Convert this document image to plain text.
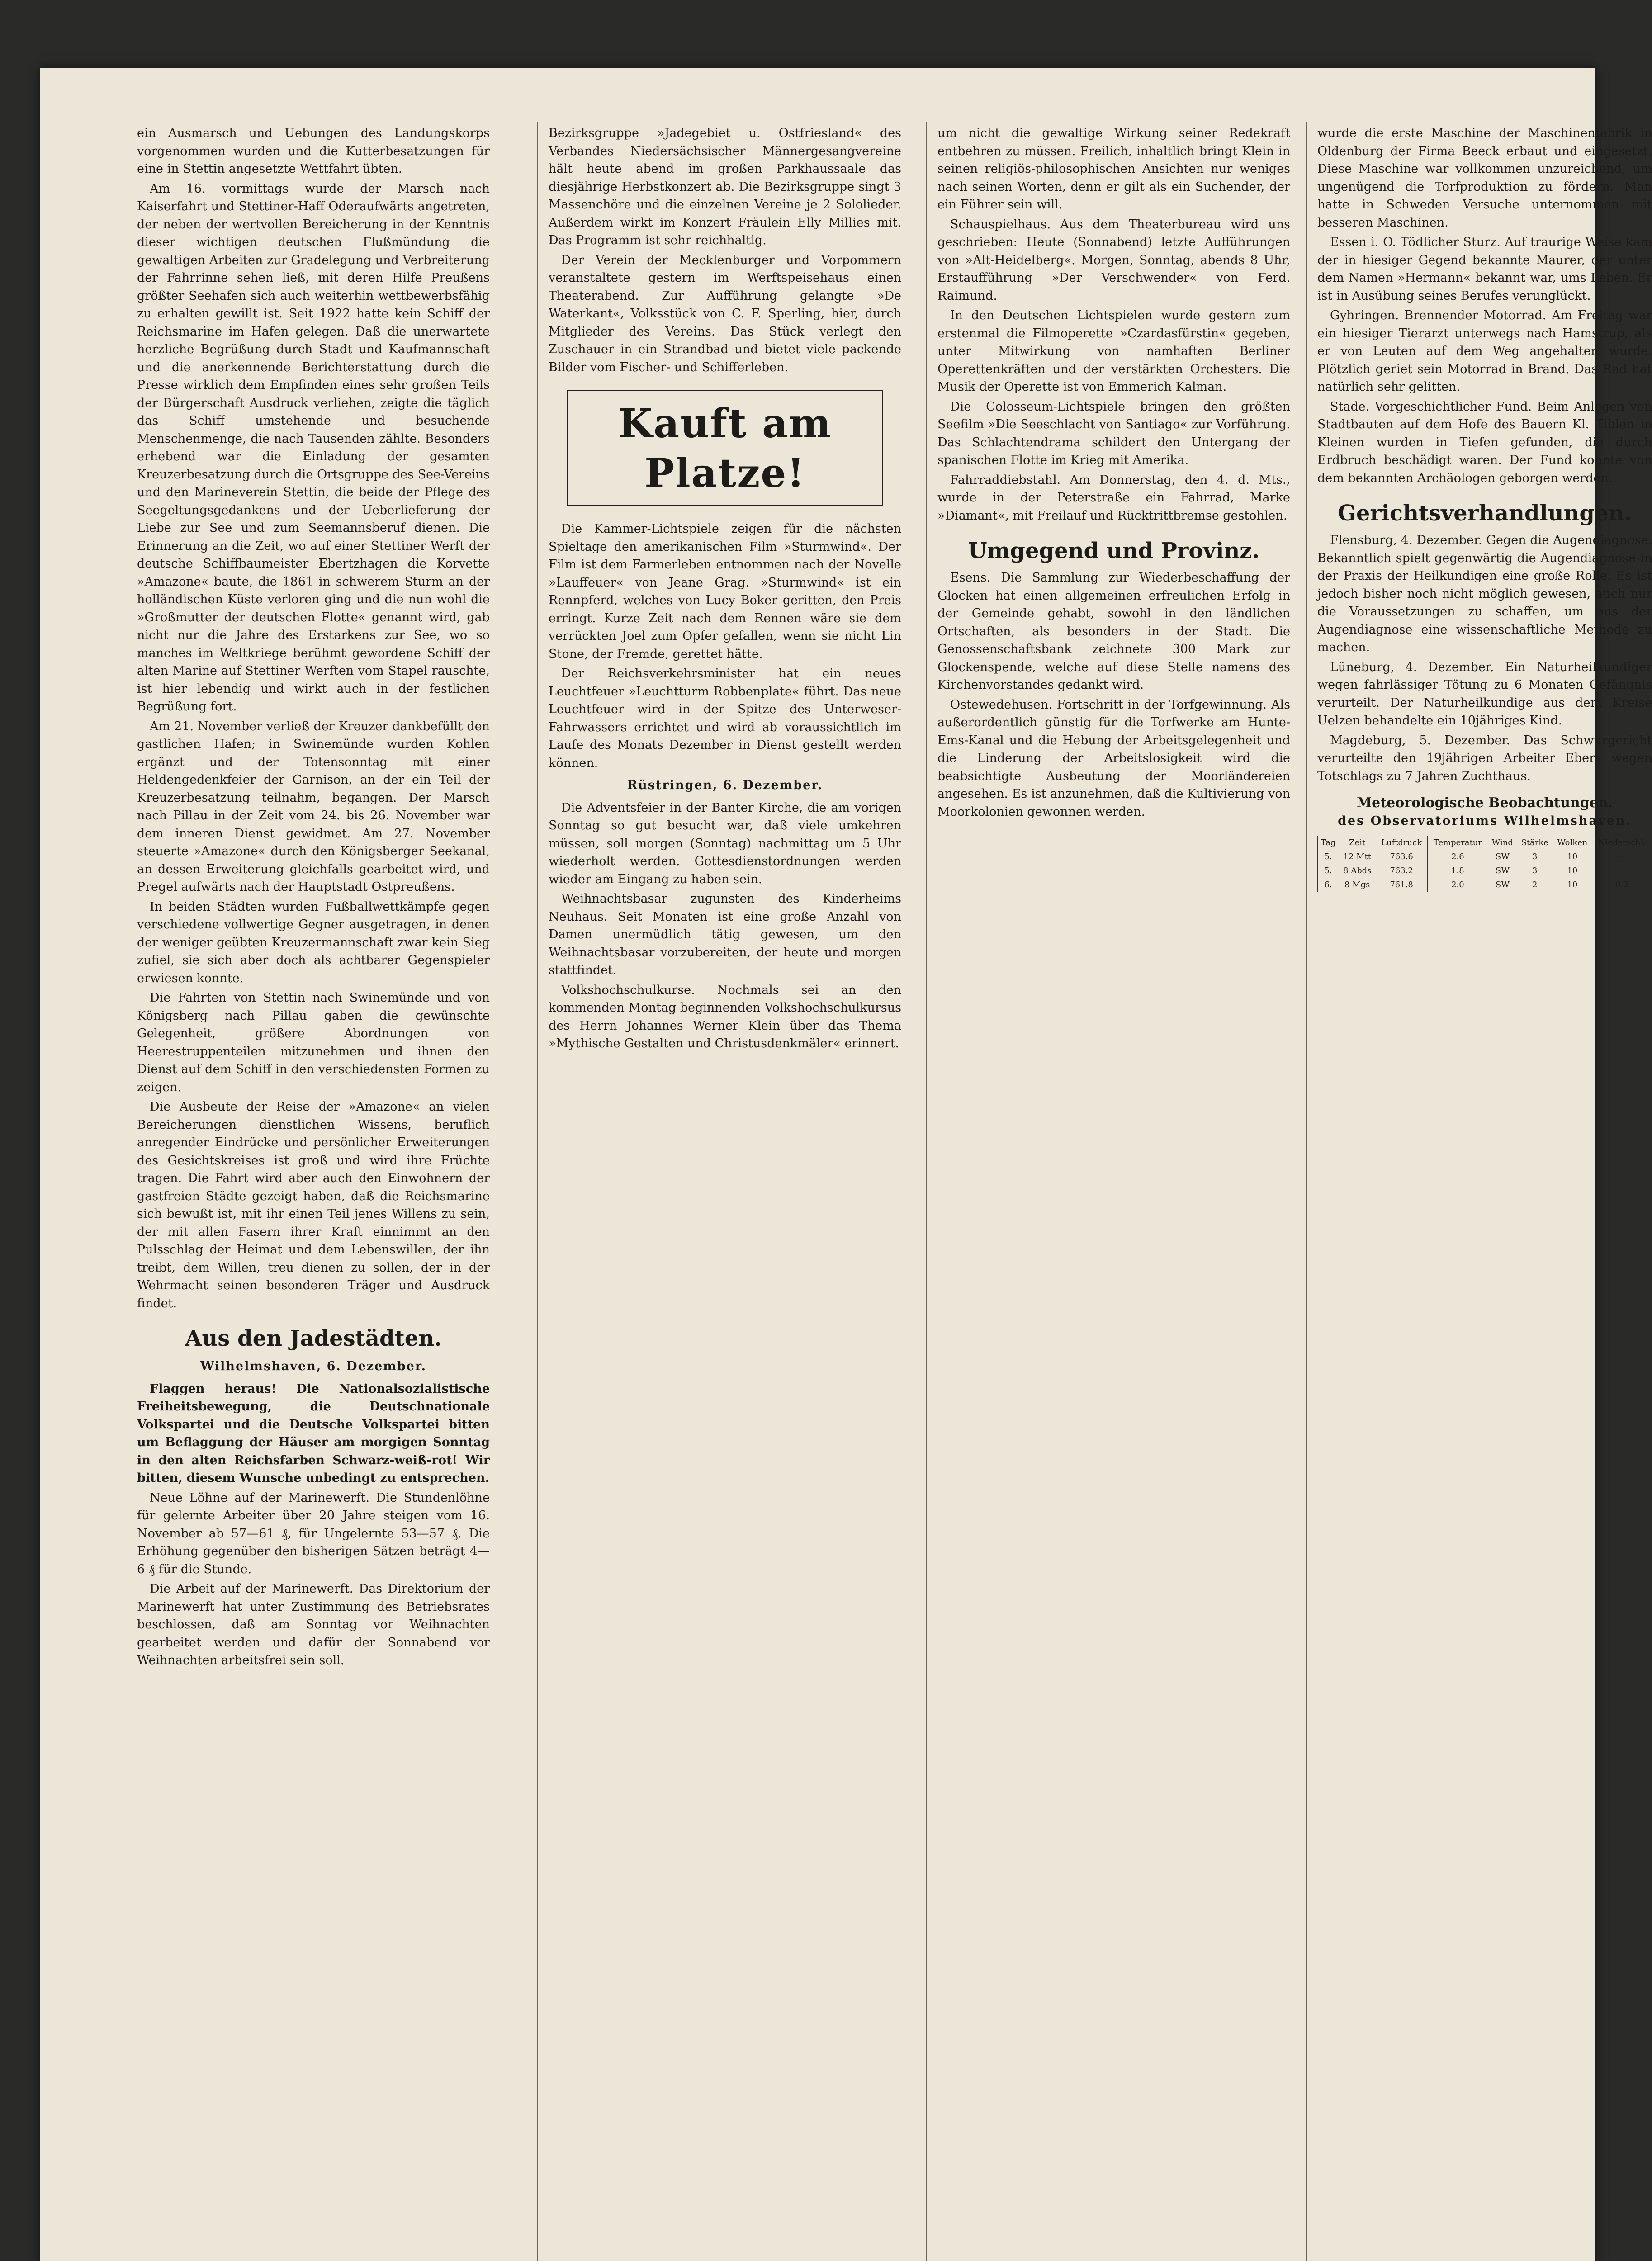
ein Ausmarsch und Uebungen des Landungskorps vorgenommen wurden und die Kutterbesatzungen für eine in Stettin angesetzte Wettfahrt übten.

Am 16. vormittags wurde der Marsch nach Kaiserfahrt und Stettiner-Haff Oderaufwärts angetreten, der neben der wertvollen Bereicherung in der Kenntnis dieser wichtigen deutschen Flußmündung die gewaltigen Arbeiten zur Gradelegung und Verbreiterung der Fahrrinne sehen ließ, mit deren Hilfe Preußens größter Seehafen sich auch weiterhin wettbewerbsfähig zu erhalten gewillt ist. Seit 1922 hatte kein Schiff der Reichsmarine im Hafen gelegen. Daß die unerwartete herzliche Begrüßung durch Stadt und Kaufmannschaft und die anerkennende Berichterstattung durch die Presse wirklich dem Empfinden eines sehr großen Teils der Bürgerschaft Ausdruck verliehen, zeigte die täglich das Schiff umstehende und besuchende Menschenmenge, die nach Tausenden zählte. Besonders erhebend war die Einladung der gesamten Kreuzerbesatzung durch die Ortsgruppe des See-Vereins und den Marineverein Stettin, die beide der Pflege des Seegeltungsgedankens und der Ueberlieferung der Liebe zur See und zum Seemannsberuf dienen. Die Erinnerung an die Zeit, wo auf einer Stettiner Werft der deutsche Schiffbaumeister Ebertzhagen die Korvette »Amazone« baute, die 1861 in schwerem Sturm an der holländischen Küste verloren ging und die nun wohl die »Großmutter der deutschen Flotte« genannt wird, gab nicht nur die Jahre des Erstarkens zur See, wo so manches im Weltkriege berühmt gewordene Schiff der alten Marine auf Stettiner Werften vom Stapel rauschte, ist hier lebendig und wirkt auch in der festlichen Begrüßung fort.

Am 21. November verließ der Kreuzer dankbefüllt den gastlichen Hafen; in Swinemünde wurden Kohlen ergänzt und der Totensonntag mit einer Heldengedenkfeier der Garnison, an der ein Teil der Kreuzerbesatzung teilnahm, begangen. Der Marsch nach Pillau in der Zeit vom 24. bis 26. November war dem inneren Dienst gewidmet. Am 27. November steuerte »Amazone« durch den Königsberger Seekanal, an dessen Erweiterung gleichfalls gearbeitet wird, und Pregel aufwärts nach der Hauptstadt Ostpreußens.

In beiden Städten wurden Fußballwettkämpfe gegen verschiedene vollwertige Gegner ausgetragen, in denen der weniger geübten Kreuzermannschaft zwar kein Sieg zufiel, sie sich aber doch als achtbarer Gegenspieler erwiesen konnte.

Die Fahrten von Stettin nach Swinemünde und von Königsberg nach Pillau gaben die gewünschte Gelegenheit, größere Abordnungen von Heerestruppenteilen mitzunehmen und ihnen den Dienst auf dem Schiff in den verschiedensten Formen zu zeigen.

Die Ausbeute der Reise der »Amazone« an vielen Bereicherungen dienstlichen Wissens, beruflich anregender Eindrücke und persönlicher Erweiterungen des Gesichtskreises ist groß und wird ihre Früchte tragen. Die Fahrt wird aber auch den Einwohnern der gastfreien Städte gezeigt haben, daß die Reichsmarine sich bewußt ist, mit ihr einen Teil jenes Willens zu sein, der mit allen Fasern ihrer Kraft einnimmt an den Pulsschlag der Heimat und dem Lebenswillen, der ihn treibt, dem Willen, treu dienen zu sollen, der in der Wehrmacht seinen besonderen Träger und Ausdruck findet.

Aus den Jadestädten.
Wilhelmshaven, 6. Dezember.

Flaggen heraus! Die Nationalsozialistische Freiheitsbewegung, die Deutschnationale Volkspartei und die Deutsche Volkspartei bitten um Beflaggung der Häuser am morgigen Sonntag in den alten Reichsfarben Schwarz-weiß-rot! Wir bitten, diesem Wunsche unbedingt zu entsprechen.

Neue Löhne auf der Marinewerft. Die Stundenlöhne für gelernte Arbeiter über 20 Jahre steigen vom 16. November ab 57—61 ₰, für Ungelernte 53—57 ₰. Die Erhöhung gegenüber den bisherigen Sätzen beträgt 4—6 ₰ für die Stunde.

Die Arbeit auf der Marinewerft. Das Direktorium der Marinewerft hat unter Zustimmung des Betriebsrates beschlossen, daß am Sonntag vor Weihnachten gearbeitet werden und dafür der Sonnabend vor Weihnachten arbeitsfrei sein soll.

Bezirksgruppe »Jadegebiet u. Ostfriesland« des Verbandes Niedersächsischer Männergesangvereine hält heute abend im großen Parkhaussaale das diesjährige Herbstkonzert ab. Die Bezirksgruppe singt 3 Massenchöre und die einzelnen Vereine je 2 Sololieder. Außerdem wirkt im Konzert Fräulein Elly Millies mit. Das Programm ist sehr reichhaltig.

Der Verein der Mecklenburger und Vorpommern veranstaltete gestern im Werftspeisehaus einen Theaterabend. Zur Aufführung gelangte »De Waterkant«, Volksstück von C. F. Sperling, hier, durch Mitglieder des Vereins. Das Stück verlegt den Zuschauer in ein Strandbad und bietet viele packende Bilder vom Fischer- und Schifferleben.

Kauft am Platze!

Die Kammer-Lichtspiele zeigen für die nächsten Spieltage den amerikanischen Film »Sturmwind«. Der Film ist dem Farmerleben entnommen nach der Novelle »Lauffeuer« von Jeane Grag. »Sturmwind« ist ein Rennpferd, welches von Lucy Boker geritten, den Preis erringt. Kurze Zeit nach dem Rennen wäre sie dem verrückten Joel zum Opfer gefallen, wenn sie nicht Lin Stone, der Fremde, gerettet hätte.

Der Reichsverkehrsminister hat ein neues Leuchtfeuer »Leuchtturm Robbenplate« führt. Das neue Leuchtfeuer wird in der Spitze des Unterweser-Fahrwassers errichtet und wird ab voraussichtlich im Laufe des Monats Dezember in Dienst gestellt werden können.

Rüstringen, 6. Dezember.

Die Adventsfeier in der Banter Kirche, die am vorigen Sonntag so gut besucht war, daß viele umkehren müssen, soll morgen (Sonntag) nachmittag um 5 Uhr wiederholt werden. Gottesdienstordnungen werden wieder am Eingang zu haben sein.

Weihnachtsbasar zugunsten des Kinderheims Neuhaus. Seit Monaten ist eine große Anzahl von Damen unermüdlich tätig gewesen, um den Weihnachtsbasar vorzubereiten, der heute und morgen stattfindet.

Volkshochschulkurse. Nochmals sei an den kommenden Montag beginnenden Volkshochschulkursus des Herrn Johannes Werner Klein über das Thema »Mythische Gestalten und Christusdenkmäler« erinnert.

um nicht die gewaltige Wirkung seiner Redekraft entbehren zu müssen. Freilich, inhaltlich bringt Klein in seinen religiös-philosophischen Ansichten nur weniges nach seinen Worten, denn er gilt als ein Suchender, der ein Führer sein will.

Schauspielhaus. Aus dem Theaterbureau wird uns geschrieben: Heute (Sonnabend) letzte Aufführungen von »Alt-Heidelberg«. Morgen, Sonntag, abends 8 Uhr, Erstaufführung »Der Verschwender« von Ferd. Raimund.

In den Deutschen Lichtspielen wurde gestern zum erstenmal die Filmoperette »Czardasfürstin« gegeben, unter Mitwirkung von namhaften Berliner Operettenkräften und der verstärkten Orchesters. Die Musik der Operette ist von Emmerich Kalman.

Die Colosseum-Lichtspiele bringen den größten Seefilm »Die Seeschlacht von Santiago« zur Vorführung. Das Schlachtendrama schildert den Untergang der spanischen Flotte im Krieg mit Amerika.

Fahrraddiebstahl. Am Donnerstag, den 4. d. Mts., wurde in der Peterstraße ein Fahrrad, Marke »Diamant«, mit Freilauf und Rücktrittbremse gestohlen.

Umgegend und Provinz.

Esens. Die Sammlung zur Wiederbeschaffung der Glocken hat einen allgemeinen erfreulichen Erfolg in der Gemeinde gehabt, sowohl in den ländlichen Ortschaften, als besonders in der Stadt. Die Genossenschaftsbank zeichnete 300 Mark zur Glockenspende, welche auf diese Stelle namens des Kirchenvorstandes gedankt wird.

Ostewedehusen. Fortschritt in der Torfgewinnung. Als außerordentlich günstig für die Torfwerke am Hunte-Ems-Kanal und die Hebung der Arbeitsgelegenheit und die Linderung der Arbeitslosigkeit wird die beabsichtigte Ausbeutung der Moorländereien angesehen. Es ist anzunehmen, daß die Kultivierung von Moorkolonien gewonnen werden.

wurde die erste Maschine der Maschinenfabrik in Oldenburg der Firma Beeck erbaut und eingesetzt. Diese Maschine war vollkommen unzureichend, um ungenügend die Torfproduktion zu fördern. Man hatte in Schweden Versuche unternommen mit besseren Maschinen.

Essen i. O. Tödlicher Sturz. Auf traurige Weise kam der in hiesiger Gegend bekannte Maurer, der unter dem Namen »Hermann« bekannt war, ums Leben. Er ist in Ausübung seines Berufes verunglückt.

Gyhringen. Brennender Motorrad. Am Freitag war ein hiesiger Tierarzt unterwegs nach Hamstrup, als er von Leuten auf dem Weg angehalten wurde. Plötzlich geriet sein Motorrad in Brand. Das Rad hat natürlich sehr gelitten.

Stade. Vorgeschichtlicher Fund. Beim Anlegen von Stadtbauten auf dem Hofe des Bauern Kl. Tiblen in Kleinen wurden in Tiefen gefunden, die durch Erdbruch beschädigt waren. Der Fund konnte von dem bekannten Archäologen geborgen werden.

Gerichtsverhandlungen.

Flensburg, 4. Dezember. Gegen die Augendiagnose. Bekanntlich spielt gegenwärtig die Augendiagnose in der Praxis der Heilkundigen eine große Rolle. Es ist jedoch bisher noch nicht möglich gewesen, auch nur die Voraussetzungen zu schaffen, um aus der Augendiagnose eine wissenschaftliche Methode zu machen.

Lüneburg, 4. Dezember. Ein Naturheilkundiger wegen fahrlässiger Tötung zu 6 Monaten Gefängnis verurteilt. Der Naturheilkundige aus dem Kreise Uelzen behandelte ein 10jähriges Kind.

Magdeburg, 5. Dezember. Das Schwurgericht verurteilte den 19jährigen Arbeiter Ebers wegen Totschlags zu 7 Jahren Zuchthaus.

Meteorologische Beobachtungen.
des Observatoriums Wilhelmshaven.
Tag	Zeit	Luftdruck	Temperatur	Wind	Stärke	Wolken	Niederschl.
5.	12 Mtt	763.6	2.6	SW	3	10	—
5.	8 Abds	763.2	1.8	SW	3	10	—
6.	8 Mgs	761.8	2.0	SW	2	10	0.2
